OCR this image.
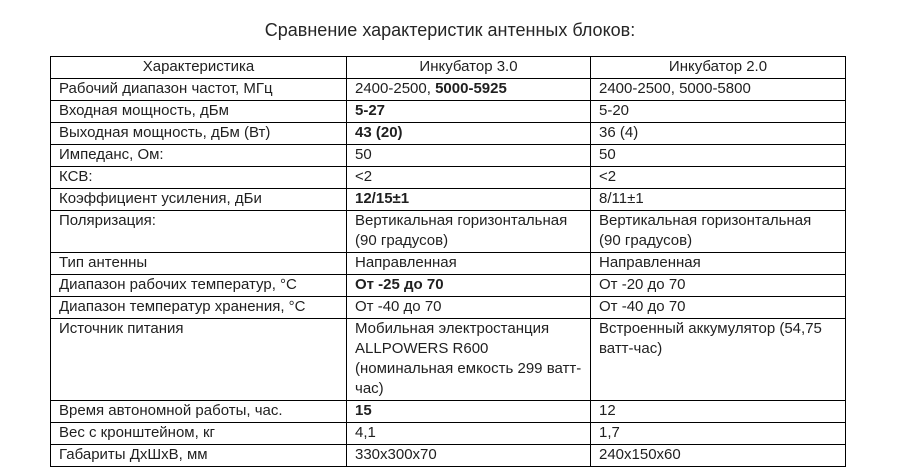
Сравнение характеристик антенных блоков:
Характеристика	Инкубатор 3.0	Инкубатор 2.0
Рабочий диапазон частот, МГц	2400-2500, 5000-5925	2400-2500, 5000-5800
Входная мощность, дБм	5-27	5-20
Выходная мощность, дБм (Вт)	43 (20)	36 (4)
Импеданс, Ом:	50	50
КСВ:	<2	<2
Коэффициент усиления, дБи	12/15±1	8/11±1
Поляризация:	Вертикальная горизонтальная (90 градусов)	Вертикальная горизонтальная (90 градусов)
Тип антенны	Направленная	Направленная
Диапазон рабочих температур, °C	От -25 до 70	От -20 до 70
Диапазон температур хранения, °C	От -40 до 70	От -40 до 70
Источник питания	Мобильная электростанция ALLPOWERS R600 (номинальная емкость 299 ватт-час)	Встроенный аккумулятор (54,75 ватт-час)
Время автономной работы, час.	15	12
Вес с кронштейном, кг	4,1	1,7
Габариты ДхШхВ, мм	330x300x70	240x150x60
